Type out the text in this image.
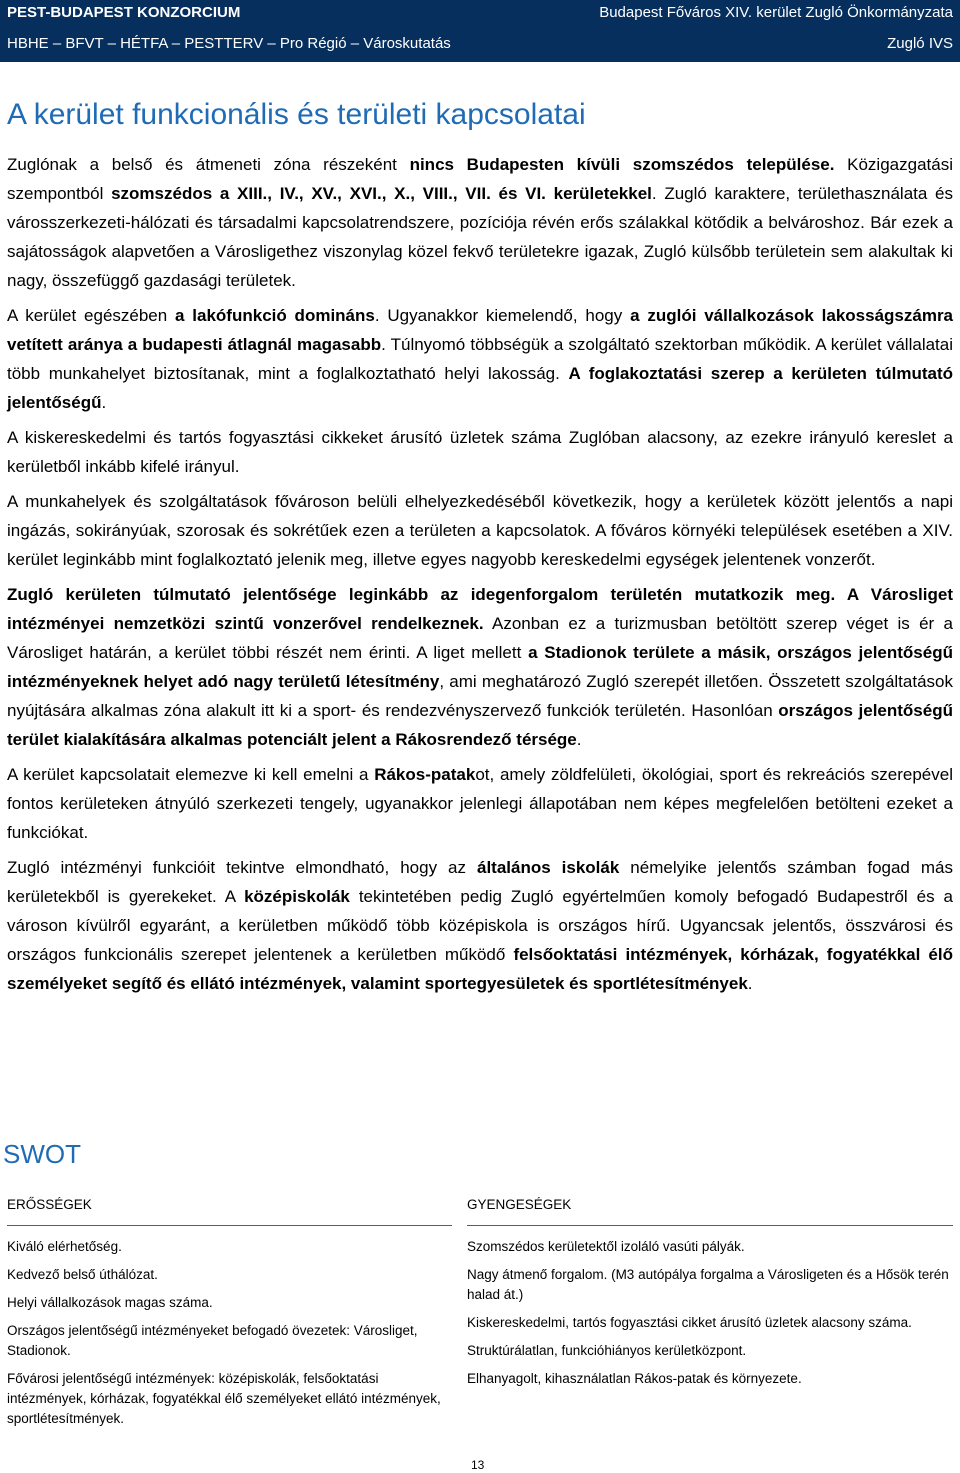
PEST-BUDAPEST KONZORCIUM	Budapest Főváros XIV. kerület Zugló Önkormányzata
HBHE – BFVT – HÉTFA – PESTTERV – Pro Régió – Városkutatás	Zugló IVS
A kerület funkcionális és területi kapcsolatai

Zuglónak a belső és átmeneti zóna részeként nincs Budapesten kívüli szomszédos települése. Közigazgatási szempontból szomszédos a XIII., IV., XV., XVI., X., VIII., VII. és VI. kerületekkel. Zugló karaktere, területhasználata és városszerkezeti-hálózati és társadalmi kapcsolatrendszere, pozíciója révén erős szálakkal kötődik a belvároshoz. Bár ezek a sajátosságok alapvetően a Városligethez viszonylag közel fekvő területekre igazak, Zugló külsőbb területein sem alakultak ki nagy, összefüggő gazdasági területek.

A kerület egészében a lakófunkció domináns. Ugyanakkor kiemelendő, hogy a zuglói vállalkozások lakosságszámra vetített aránya a budapesti átlagnál magasabb. Túlnyomó többségük a szolgáltató szektorban működik. A kerület vállalatai több munkahelyet biztosítanak, mint a foglalkoztatható helyi lakosság. A foglakoztatási szerep a kerületen túlmutató jelentőségű.

A kiskereskedelmi és tartós fogyasztási cikkeket árusító üzletek száma Zuglóban alacsony, az ezekre irányuló kereslet a kerületből inkább kifelé irányul.

A munkahelyek és szolgáltatások fővároson belüli elhelyezkedéséből következik, hogy a kerületek között jelentős a napi ingázás, sokirányúak, szorosak és sokrétűek ezen a területen a kapcsolatok. A főváros környéki települések esetében a XIV. kerület leginkább mint foglalkoztató jelenik meg, illetve egyes nagyobb kereskedelmi egységek jelentenek vonzerőt.

Zugló kerületen túlmutató jelentősége leginkább az idegenforgalom területén mutatkozik meg. A Városliget intézményei nemzetközi szintű vonzerővel rendelkeznek. Azonban ez a turizmusban betöltött szerep véget is ér a Városliget határán, a kerület többi részét nem érinti. A liget mellett a Stadionok területe a másik, országos jelentőségű intézményeknek helyet adó nagy területű létesítmény, ami meghatározó Zugló szerepét illetően. Összetett szolgáltatások nyújtására alkalmas zóna alakult itt ki a sport- és rendezvényszervező funkciók területén. Hasonlóan országos jelentőségű terület kialakítására alkalmas potenciált jelent a Rákosrendező térsége.

A kerület kapcsolatait elemezve ki kell emelni a Rákos-patakot, amely zöldfelületi, ökológiai, sport és rekreációs szerepével fontos kerületeken átnyúló szerkezeti tengely, ugyanakkor jelenlegi állapotában nem képes megfelelően betölteni ezeket a funkciókat.

Zugló intézményi funkcióit tekintve elmondható, hogy az általános iskolák némelyike jelentős számban fogad más kerületekből is gyerekeket. A középiskolák tekintetében pedig Zugló egyértelműen komoly befogadó Budapestről és a városon kívülről egyaránt, a kerületben működő több középiskola is országos hírű. Ugyancsak jelentős, összvárosi és országos funkcionális szerepet jelentenek a kerületben működő felsőoktatási intézmények, kórházak, fogyatékkal élő személyeket segítő és ellátó intézmények, valamint sportegyesületek és sportlétesítmények.

SWOT
ERŐSSÉGEK
Kiváló elérhetőség.
Kedvező belső úthálózat.
Helyi vállalkozások magas száma.
Országos jelentőségű intézményeket befogadó övezetek: Városliget, Stadionok.
Fővárosi jelentőségű intézmények: középiskolák, felsőoktatási intézmények, kórházak, fogyatékkal élő személyeket ellátó intézmények, sportlétesítmények.
GYENGESÉGEK
Szomszédos kerületektől izoláló vasúti pályák.
Nagy átmenő forgalom. (M3 autópálya forgalma a Városligeten és a Hősök terén halad át.)
Kiskereskedelmi, tartós fogyasztási cikket árusító üzletek alacsony száma.
Struktúrálatlan, funkcióhiányos kerületközpont.
Elhanyagolt, kihasználatlan Rákos-patak és környezete.
13
